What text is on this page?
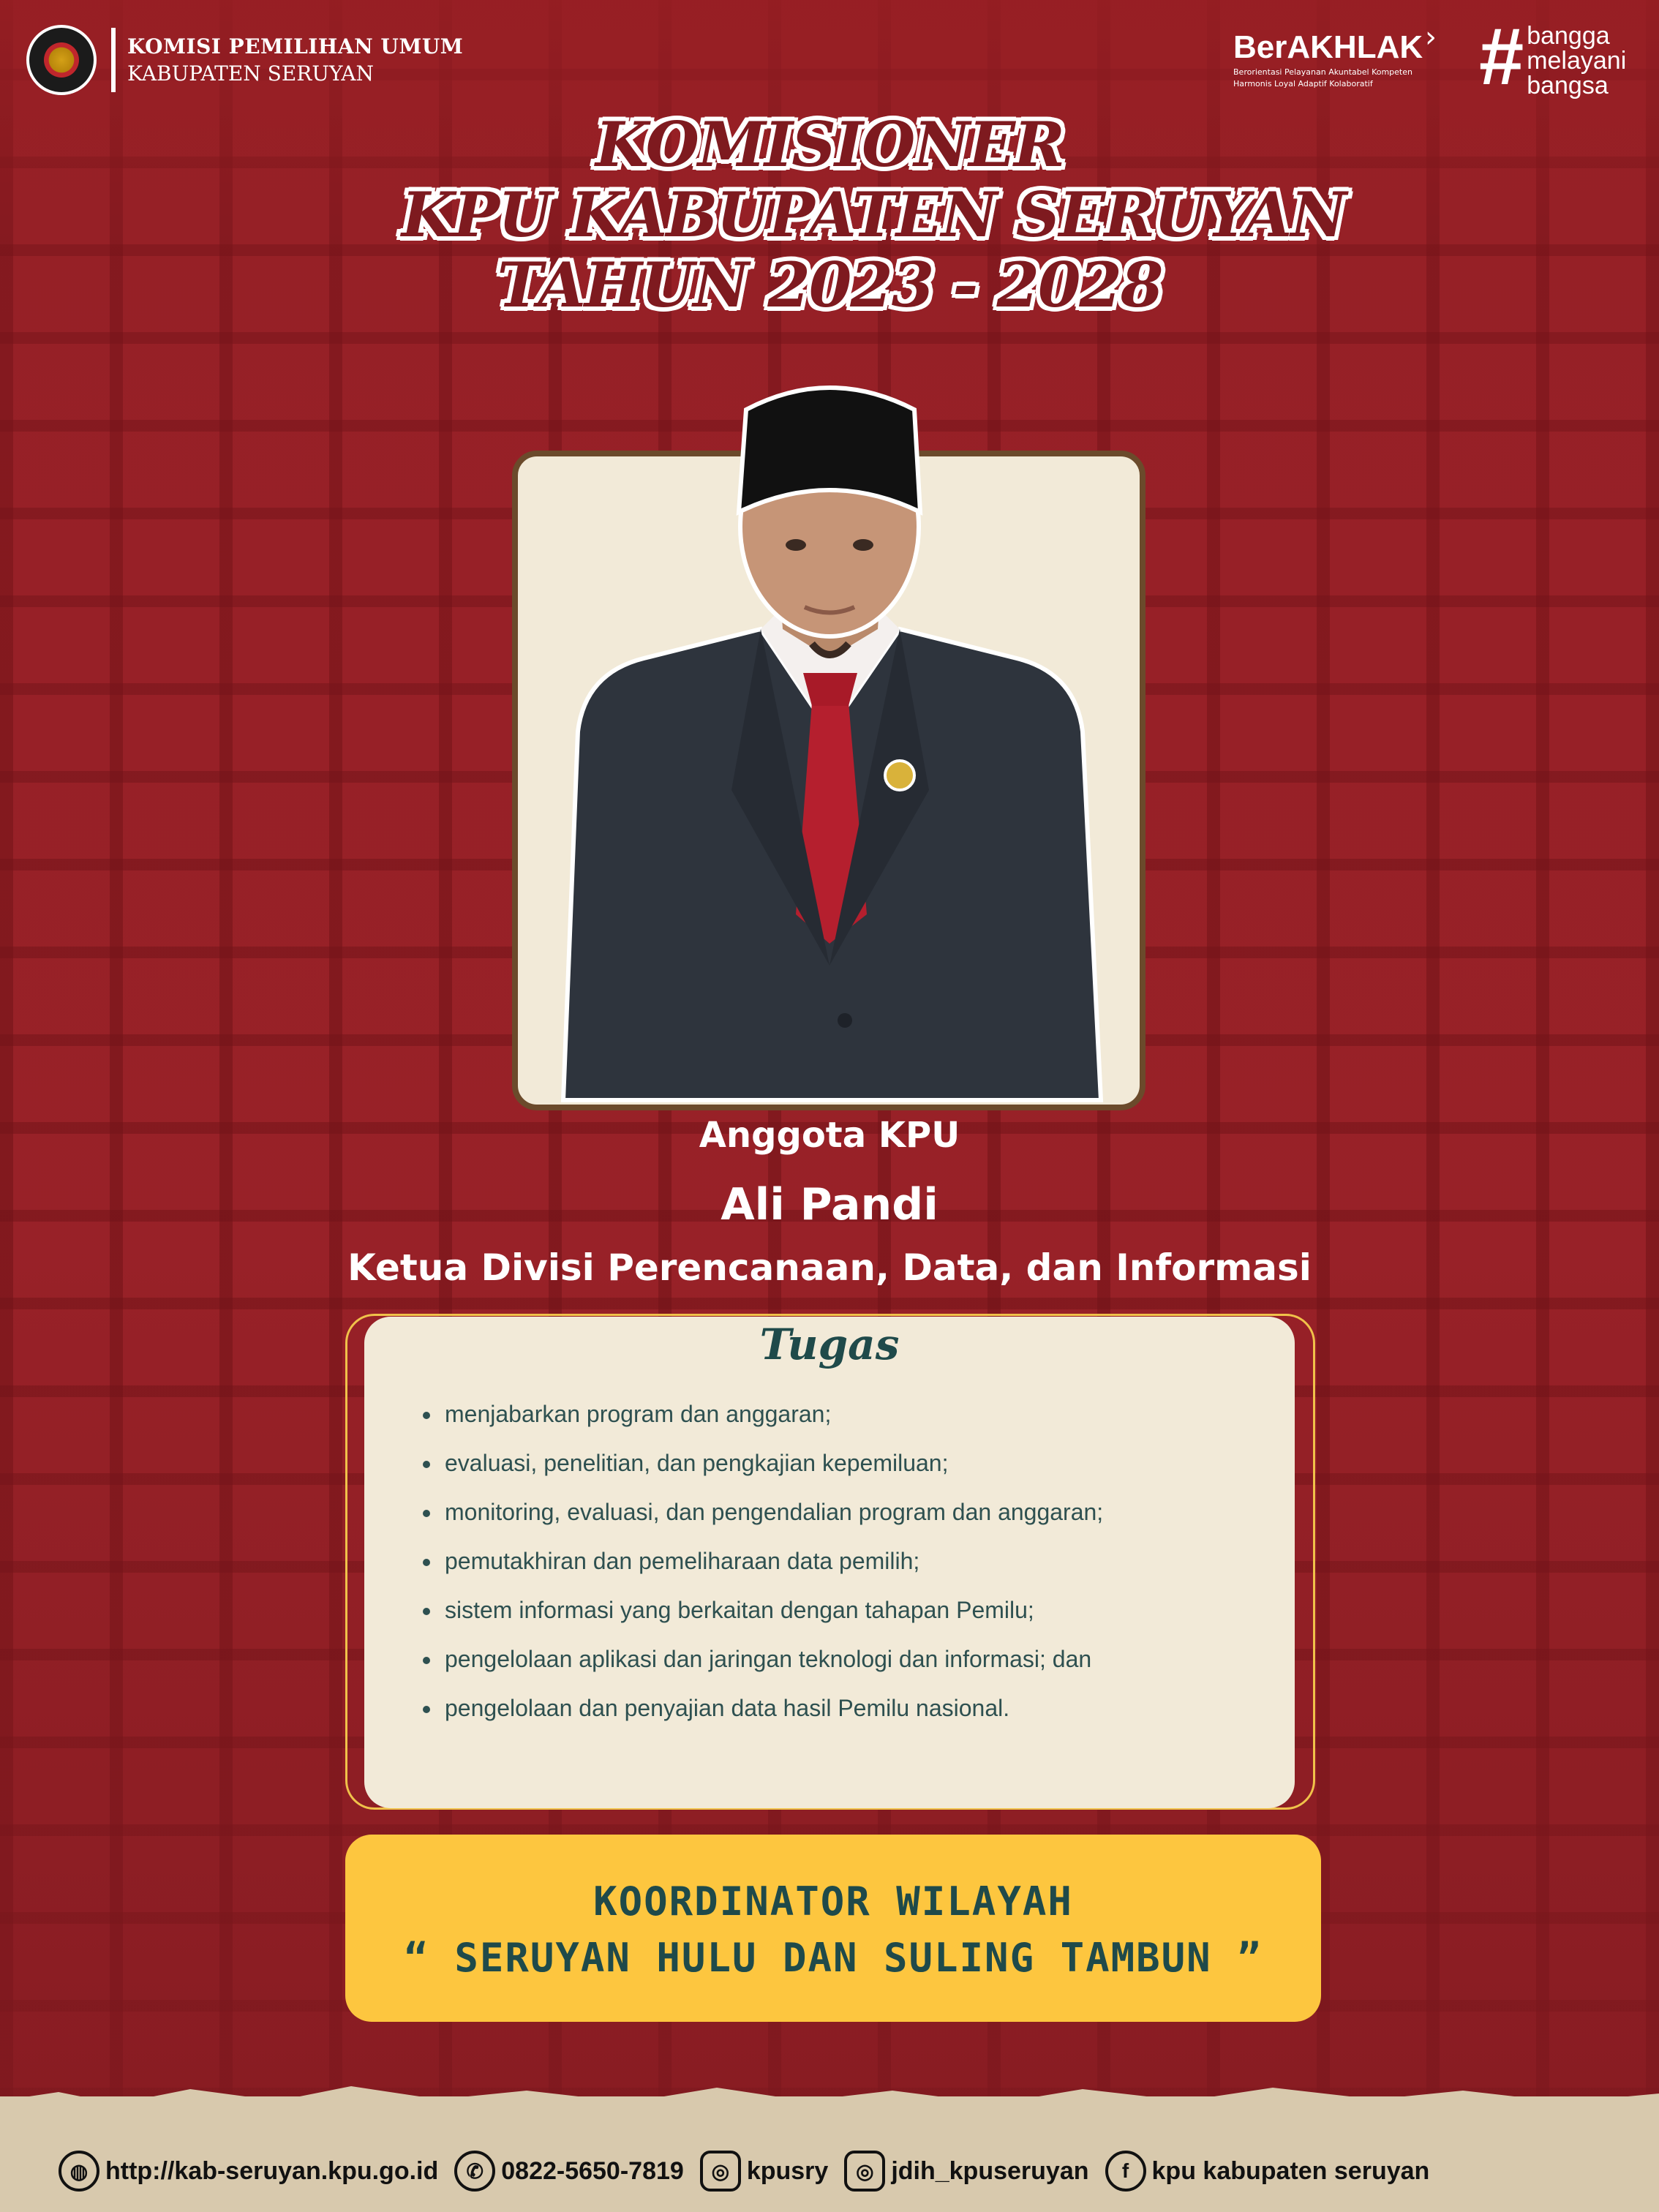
KOMISI PEMILIHAN UMUM
KABUPATEN SERUYAN
BerAKHLAK ›
Berorientasi Pelayanan Akuntabel Kompeten
Harmonis Loyal Adaptif Kolaboratif	# bangga
melayani
bangsa
KOMISIONER
KPU KABUPATEN SERUYAN
TAHUN 2023 - 2028
Anggota KPU
Ali Pandi
Ketua Divisi Perencanaan, Data, dan Informasi
Tugas
menjabarkan program dan anggaran;
evaluasi, penelitian, dan pengkajian kepemiluan;
monitoring, evaluasi, dan pengendalian program dan anggaran;
pemutakhiran dan pemeliharaan data pemilih;
sistem informasi yang berkaitan dengan tahapan Pemilu;
pengelolaan aplikasi dan jaringan teknologi dan informasi; dan
pengelolaan dan penyajian data hasil Pemilu nasional.
KOORDINATOR WILAYAH
“ SERUYAN HULU DAN SULING TAMBUN ”
◍ http://kab-seruyan.kpu.go.id	✆ 0822-5650-7819	◎ kpusry	◎ jdih_kpuseruyan	f kpu kabupaten seruyan
